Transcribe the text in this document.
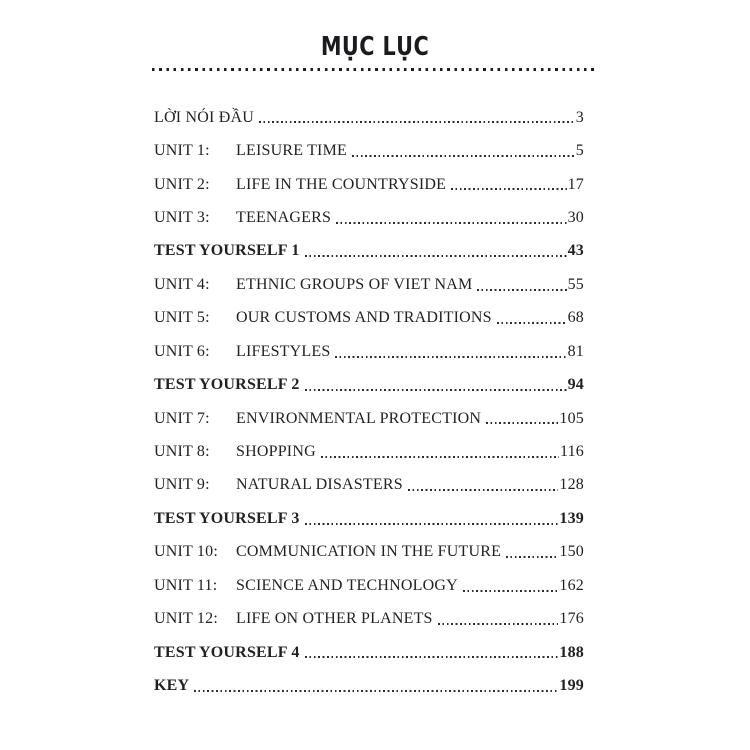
MỤC LỤC
LỜI NÓI ĐẦU	3
UNIT 1:	LEISURE TIME	5
UNIT 2:	LIFE IN THE COUNTRYSIDE	17
UNIT 3:	TEENAGERS	30
TEST YOURSELF 1	43
UNIT 4:	ETHNIC GROUPS OF VIET NAM	55
UNIT 5:	OUR CUSTOMS AND TRADITIONS	68
UNIT 6:	LIFESTYLES	81
TEST YOURSELF 2	94
UNIT 7:	ENVIRONMENTAL PROTECTION	105
UNIT 8:	SHOPPING	116
UNIT 9:	NATURAL DISASTERS	128
TEST YOURSELF 3	139
UNIT 10:	COMMUNICATION IN THE FUTURE	150
UNIT 11:	SCIENCE AND TECHNOLOGY	162
UNIT 12:	LIFE ON OTHER PLANETS	176
TEST YOURSELF 4	188
KEY	199
